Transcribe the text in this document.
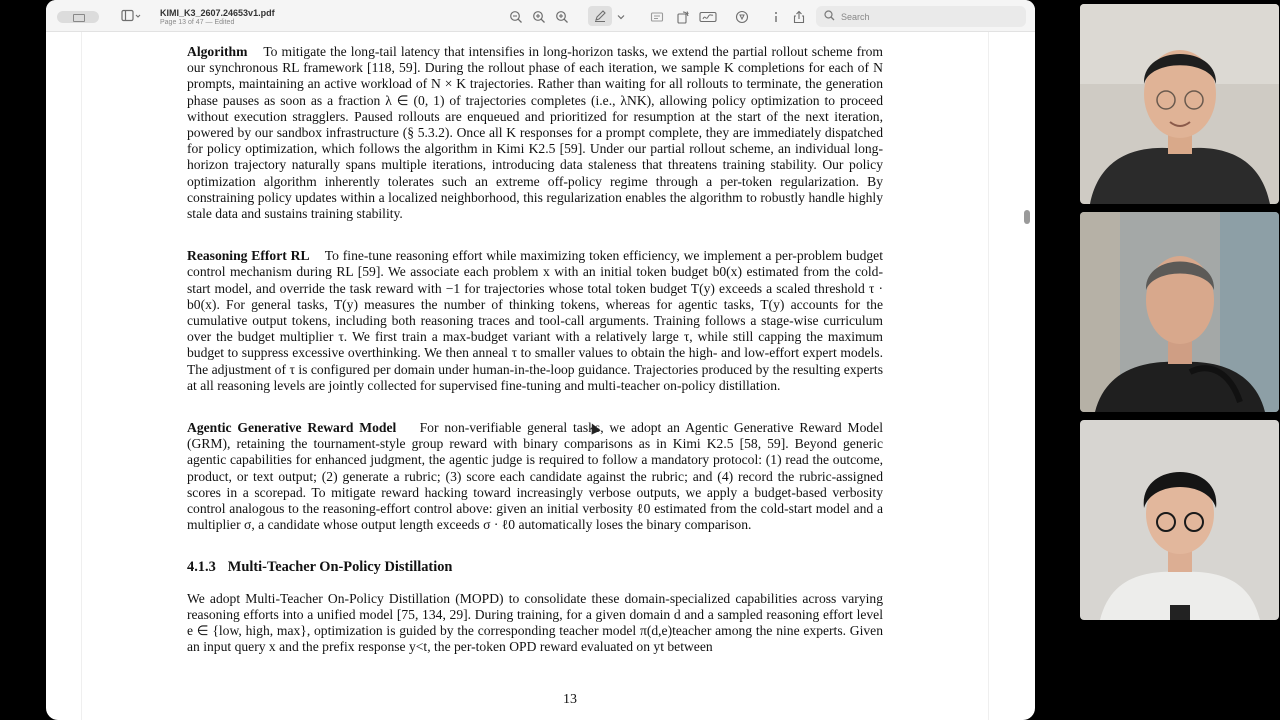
KIMI_K3_2607.24653v1.pdf
Page 13 of 47 — Edited
Search

Algorithm To mitigate the long-tail latency that intensifies in long-horizon tasks, we extend the partial rollout scheme from our synchronous RL framework [118, 59]. During the rollout phase of each iteration, we sample K completions for each of N prompts, maintaining an active workload of N × K trajectories. Rather than waiting for all rollouts to terminate, the generation phase pauses as soon as a fraction λ ∈ (0, 1) of trajectories completes (i.e., λNK), allowing policy optimization to proceed without execution stragglers. Paused rollouts are enqueued and prioritized for resumption at the start of the next iteration, powered by our sandbox infrastructure (§ 5.3.2). Once all K responses for a prompt complete, they are immediately dispatched for policy optimization, which follows the algorithm in Kimi K2.5 [59]. Under our partial rollout scheme, an individual long-horizon trajectory naturally spans multiple iterations, introducing data staleness that threatens training stability. Our policy optimization algorithm inherently tolerates such an extreme off-policy regime through a per-token regularization. By constraining policy updates within a localized neighborhood, this regularization enables the algorithm to robustly handle highly stale data and sustains training stability.

Reasoning Effort RL To fine-tune reasoning effort while maximizing token efficiency, we implement a per-problem budget control mechanism during RL [59]. We associate each problem x with an initial token budget b0(x) estimated from the cold-start model, and override the task reward with −1 for trajectories whose total token budget T(y) exceeds a scaled threshold τ · b0(x). For general tasks, T(y) measures the number of thinking tokens, whereas for agentic tasks, T(y) accounts for the cumulative output tokens, including both reasoning traces and tool-call arguments. Training follows a stage-wise curriculum over the budget multiplier τ. We first train a max-budget variant with a relatively large τ, while still capping the maximum budget to suppress excessive overthinking. We then anneal τ to smaller values to obtain the high- and low-effort expert models. The adjustment of τ is configured per domain under human-in-the-loop guidance. Trajectories produced by the resulting experts at all reasoning levels are jointly collected for supervised fine-tuning and multi-teacher on-policy distillation.

Agentic Generative Reward Model For non-verifiable general tasks, we adopt an Agentic Generative Reward Model (GRM), retaining the tournament-style group reward with binary comparisons as in Kimi K2.5 [58, 59]. Beyond generic agentic capabilities for enhanced judgment, the agentic judge is required to follow a mandatory protocol: (1) read the outcome, product, or text output; (2) generate a rubric; (3) score each candidate against the rubric; and (4) record the rubric-assigned scores in a scorepad. To mitigate reward hacking toward increasingly verbose outputs, we apply a budget-based verbosity control analogous to the reasoning-effort control above: given an initial verbosity ℓ0 estimated from the cold-start model and a multiplier σ, a candidate whose output length exceeds σ · ℓ0 automatically loses the binary comparison.

4.1.3 Multi-Teacher On-Policy Distillation

We adopt Multi-Teacher On-Policy Distillation (MOPD) to consolidate these domain-specialized capabilities across varying reasoning efforts into a unified model [75, 134, 29]. During training, for a given domain d and a sampled reasoning effort level e ∈ {low, high, max}, optimization is guided by the corresponding teacher model π(d,e)teacher among the nine experts. Given an input query x and the prefix response y<t, the per-token OPD reward evaluated on yt between

13
